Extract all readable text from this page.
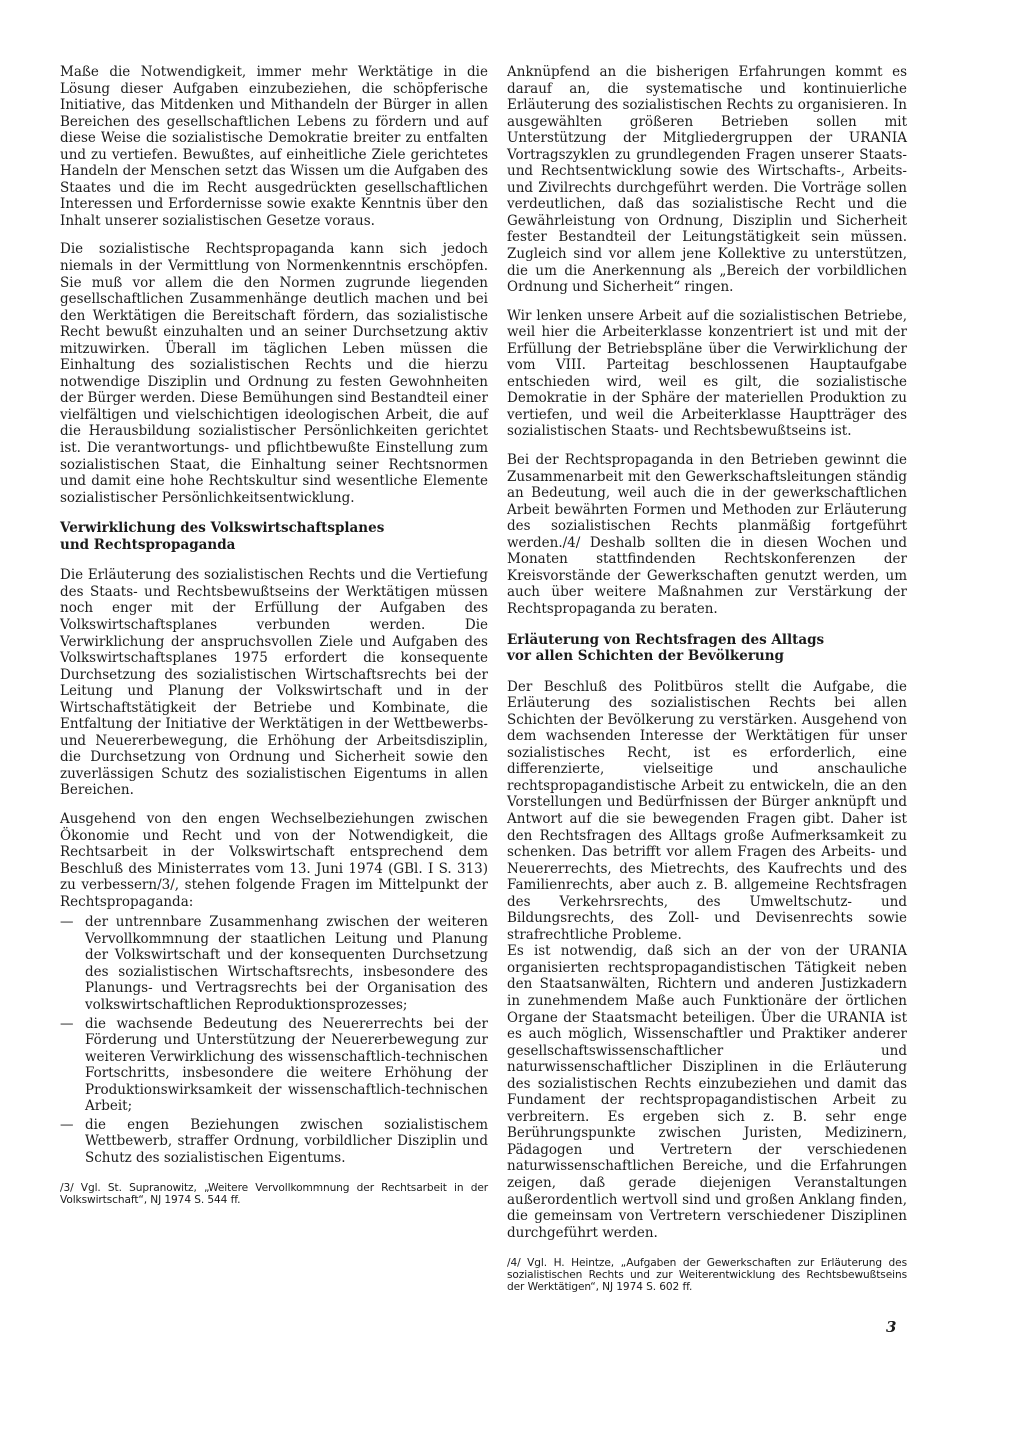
Maße die Notwendigkeit, immer mehr Werktätige in die Lösung dieser Aufgaben einzubeziehen, die schöpferische Initiative, das Mitdenken und Mithandeln der Bürger in allen Bereichen des gesellschaftlichen Lebens zu fördern und auf diese Weise die sozialistische Demokratie breiter zu entfalten und zu vertiefen. Bewußtes, auf einheitliche Ziele gerichtetes Handeln der Menschen setzt das Wissen um die Aufgaben des Staates und die im Recht ausgedrückten gesellschaftlichen Interessen und Erfordernisse sowie exakte Kenntnis über den Inhalt unserer sozialistischen Gesetze voraus.

Die sozialistische Rechtspropaganda kann sich jedoch niemals in der Vermittlung von Normenkenntnis erschöpfen. Sie muß vor allem die den Normen zugrunde liegenden gesellschaftlichen Zusammenhänge deutlich machen und bei den Werktätigen die Bereitschaft fördern, das sozialistische Recht bewußt einzuhalten und an seiner Durchsetzung aktiv mitzuwirken. Überall im täglichen Leben müssen die Einhaltung des sozialistischen Rechts und die hierzu notwendige Disziplin und Ordnung zu festen Gewohnheiten der Bürger werden. Diese Bemühungen sind Bestandteil einer vielfältigen und vielschichtigen ideologischen Arbeit, die auf die Herausbildung sozialistischer Persönlichkeiten gerichtet ist. Die verantwortungs- und pflichtbewußte Einstellung zum sozialistischen Staat, die Einhaltung seiner Rechtsnormen und damit eine hohe Rechtskultur sind wesentliche Elemente sozialistischer Persönlichkeitsentwicklung.

Verwirklichung des Volkswirtschaftsplanes
und Rechtspropaganda

Die Erläuterung des sozialistischen Rechts und die Vertiefung des Staats- und Rechtsbewußtseins der Werktätigen müssen noch enger mit der Erfüllung der Aufgaben des Volkswirtschaftsplanes verbunden werden. Die Verwirklichung der anspruchsvollen Ziele und Aufgaben des Volkswirtschaftsplanes 1975 erfordert die konsequente Durchsetzung des sozialistischen Wirtschaftsrechts bei der Leitung und Planung der Volkswirtschaft und in der Wirtschaftstätigkeit der Betriebe und Kombinate, die Entfaltung der Initiative der Werktätigen in der Wettbewerbs- und Neuererbewegung, die Erhöhung der Arbeitsdisziplin, die Durchsetzung von Ordnung und Sicherheit sowie den zuverlässigen Schutz des sozialistischen Eigentums in allen Bereichen.

Ausgehend von den engen Wechselbeziehungen zwischen Ökonomie und Recht und von der Notwendigkeit, die Rechtsarbeit in der Volkswirtschaft entsprechend dem Beschluß des Ministerrates vom 13. Juni 1974 (GBl. I S. 313) zu verbessern/3/, stehen folgende Fragen im Mittelpunkt der Rechtspropaganda:

— der untrennbare Zusammenhang zwischen der weiteren Vervollkommnung der staatlichen Leitung und Planung der Volkswirtschaft und der konsequenten Durchsetzung des sozialistischen Wirtschaftsrechts, insbesondere des Planungs- und Vertragsrechts bei der Organisation des volkswirtschaftlichen Reproduktionsprozesses;
— die wachsende Bedeutung des Neuererrechts bei der Förderung und Unterstützung der Neuererbewegung zur weiteren Verwirklichung des wissenschaftlich-technischen Fortschritts, insbesondere die weitere Erhöhung der Produktionswirksamkeit der wissenschaftlich-technischen Arbeit;
— die engen Beziehungen zwischen sozialistischem Wettbewerb, straffer Ordnung, vorbildlicher Disziplin und Schutz des sozialistischen Eigentums.
/3/ Vgl. St. Supranowitz, „Weitere Vervollkommnung der Rechtsarbeit in der Volkswirtschaft“, NJ 1974 S. 544 ff.

Anknüpfend an die bisherigen Erfahrungen kommt es darauf an, die systematische und kontinuierliche Erläuterung des sozialistischen Rechts zu organisieren. In ausgewählten größeren Betrieben sollen mit Unterstützung der Mitgliedergruppen der URANIA Vortragszyklen zu grundlegenden Fragen unserer Staats- und Rechtsentwicklung sowie des Wirtschafts-, Arbeits- und Zivilrechts durchgeführt werden. Die Vorträge sollen verdeutlichen, daß das sozialistische Recht und die Gewährleistung von Ordnung, Disziplin und Sicherheit fester Bestandteil der Leitungstätigkeit sein müssen. Zugleich sind vor allem jene Kollektive zu unterstützen, die um die Anerkennung als „Bereich der vorbildlichen Ordnung und Sicherheit“ ringen.

Wir lenken unsere Arbeit auf die sozialistischen Betriebe, weil hier die Arbeiterklasse konzentriert ist und mit der Erfüllung der Betriebspläne über die Verwirklichung der vom VIII. Parteitag beschlossenen Hauptaufgabe entschieden wird, weil es gilt, die sozialistische Demokratie in der Sphäre der materiellen Produktion zu vertiefen, und weil die Arbeiterklasse Hauptträger des sozialistischen Staats- und Rechtsbewußtseins ist.

Bei der Rechtspropaganda in den Betrieben gewinnt die Zusammenarbeit mit den Gewerkschaftsleitungen ständig an Bedeutung, weil auch die in der gewerkschaftlichen Arbeit bewährten Formen und Methoden zur Erläuterung des sozialistischen Rechts planmäßig fortgeführt werden./4/ Deshalb sollten die in diesen Wochen und Monaten stattfindenden Rechtskonferenzen der Kreisvorstände der Gewerkschaften genutzt werden, um auch über weitere Maßnahmen zur Verstärkung der Rechtspropaganda zu beraten.

Erläuterung von Rechtsfragen des Alltags
vor allen Schichten der Bevölkerung

Der Beschluß des Politbüros stellt die Aufgabe, die Erläuterung des sozialistischen Rechts bei allen Schichten der Bevölkerung zu verstärken. Ausgehend von dem wachsenden Interesse der Werktätigen für unser sozialistisches Recht, ist es erforderlich, eine differenzierte, vielseitige und anschauliche rechtspropagandistische Arbeit zu entwickeln, die an den Vorstellungen und Bedürfnissen der Bürger anknüpft und Antwort auf die sie bewegenden Fragen gibt. Daher ist den Rechtsfragen des Alltags große Aufmerksamkeit zu schenken. Das betrifft vor allem Fragen des Arbeits- und Neuererrechts, des Mietrechts, des Kaufrechts und des Familienrechts, aber auch z. B. allgemeine Rechtsfragen des Verkehrsrechts, des Umweltschutz- und Bildungsrechts, des Zoll- und Devisenrechts sowie strafrechtliche Probleme.

Es ist notwendig, daß sich an der von der URANIA organisierten rechtspropagandistischen Tätigkeit neben den Staatsanwälten, Richtern und anderen Justizkadern in zunehmendem Maße auch Funktionäre der örtlichen Organe der Staatsmacht beteiligen. Über die URANIA ist es auch möglich, Wissenschaftler und Praktiker anderer gesellschaftswissenschaftlicher und naturwissenschaftlicher Disziplinen in die Erläuterung des sozialistischen Rechts einzubeziehen und damit das Fundament der rechtspropagandistischen Arbeit zu verbreitern. Es ergeben sich z. B. sehr enge Berührungspunkte zwischen Juristen, Medizinern, Pädagogen und Vertretern der verschiedenen naturwissenschaftlichen Bereiche, und die Erfahrungen zeigen, daß gerade diejenigen Veranstaltungen außerordentlich wertvoll sind und großen Anklang finden, die gemeinsam von Vertretern verschiedener Disziplinen durchgeführt werden.

/4/ Vgl. H. Heintze, „Aufgaben der Gewerkschaften zur Erläuterung des sozialistischen Rechts und zur Weiterentwicklung des Rechtsbewußtseins der Werktätigen“, NJ 1974 S. 602 ff.
3
